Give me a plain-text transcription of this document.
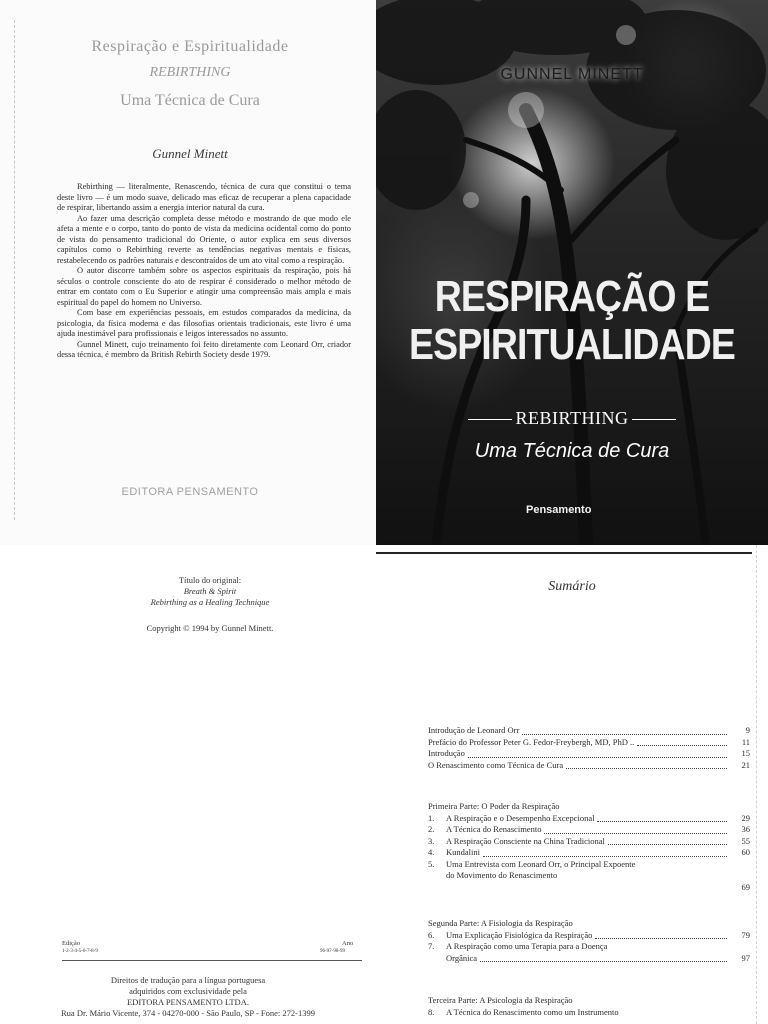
Respiração e Espiritualidade
REBIRTHING
Uma Técnica de Cura
Gunnel Minett

Rebirthing — literalmente, Renascendo, técnica de cura que constitui o tema deste livro — é um modo suave, delicado mas eficaz de recuperar a plena capacidade de respirar, libertando assim a energia interior natural da cura.

Ao fazer uma descrição completa desse método e mostrando de que modo ele afeta a mente e o corpo, tanto do ponto de vista da medicina ocidental como do ponto de vista do pensamento tradicional do Oriente, o autor explica em seus diversos capítulos como o Rebirthing reverte as tendências negativas mentais e físicas, restabelecendo os padrões naturais e descontraídos de um ato vital como a respiração.

O autor discorre também sobre os aspectos espirituais da respiração, pois há séculos o controle consciente do ato de respirar é considerado o melhor método de entrar em contato com o Eu Superior e atingir uma compreensão mais ampla e mais espiritual do papel do homem no Universo.

Com base em experiências pessoais, em estudos comparados da medicina, da psicologia, da física moderna e das filosofias orientais tradicionais, este livro é uma ajuda inestimável para profissionais e leigos interessados no assunto.

Gunnel Minett, cujo treinamento foi feito diretamente com Leonard Orr, criador dessa técnica, é membro da British Rebirth Society desde 1979.

EDITORA PENSAMENTO
GUNNEL MINETT
RESPIRAÇÃO E
ESPIRITUALIDADE
REBIRTHING
Uma Técnica de Cura
Pensamento
Título do original:
Breath & Spirit
Rebirthing as a Healing Technique
Copyright © 1994 by Gunnel Minett.
Edição	Ano
1-2-3-4-5-6-7-8-9	96-97-98-99
Direitos de tradução para a língua portuguesa
adquiridos com exclusividade pela
EDITORA PENSAMENTO LTDA.
Rua Dr. Mário Vicente, 374 - 04270-000 - São Paulo, SP - Fone: 272-1399
Sumário
Introdução de Leonard Orr	9
Prefácio do Professor Peter G. Fedor-Freybergh, MD, PhD ..	11
Introdução	15
O Renascimento como Técnica de Cura	21
Primeira Parte: O Poder da Respiração
1.	A Respiração e o Desempenho Excepcional	29
2.	A Técnica do Renascimento	36
3.	A Respiração Consciente na China Tradicional	55
4.	Kundalini	60
5.	Uma Entrevista com Leonard Orr, o Principal Expoente
do Movimento do Renascimento
69
Segunda Parte: A Fisiologia da Respiração
6.	Uma Explicação Fisiológica da Respiração	79
7.	A Respiração como uma Terapia para a Doença
Orgânica	97
Terceira Parte: A Psicologia da Respiração
8.	A Técnica do Renascimento como um Instrumento
